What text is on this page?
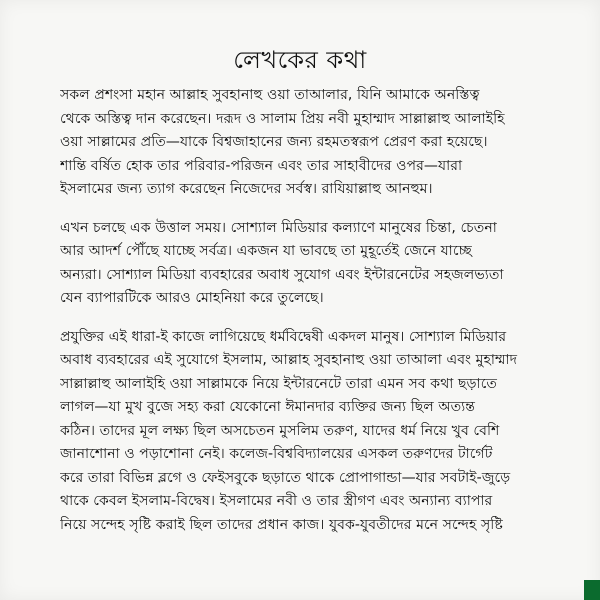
লেখকের কথা
সকল প্রশংসা মহান আল্লাহ সুবহানাহু ওয়া তাআলার, যিনি আমাকে অনস্তিত্ব
থেকে অস্তিত্ব দান করেছেন। দরূদ ও সালাম প্রিয় নবী মুহাম্মাদ সাল্লাল্লাহু আলাইহি
ওয়া সাল্লামের প্রতি—যাকে বিশ্বজাহানের জন্য রহমতস্বরূপ প্রেরণ করা হয়েছে।
শান্তি বর্ষিত হোক তার পরিবার-পরিজন এবং তার সাহাবীদের ওপর—যারা
ইসলামের জন্য ত্যাগ করেছেন নিজেদের সর্বস্ব। রাযিয়াল্লাহু আনহুম।
এখন চলছে এক উত্তাল সময়। সোশ্যাল মিডিয়ার কল্যাণে মানুষের চিন্তা, চেতনা
আর আদর্শ পৌঁছে যাচ্ছে সর্বত্র। একজন যা ভাবছে তা মুহূর্তেই জেনে যাচ্ছে
অন্যরা। সোশ্যাল মিডিয়া ব্যবহারের অবাধ সুযোগ এবং ইন্টারনেটের সহজলভ্যতা
যেন ব্যাপারটিকে আরও মোহনিয়া করে তুলেছে।
প্রযুক্তির এই ধারা-ই কাজে লাগিয়েছে ধর্মবিদ্বেষী একদল মানুষ। সোশ্যাল মিডিয়ার
অবাধ ব্যবহারের এই সুযোগে ইসলাম, আল্লাহ সুবহানাহু ওয়া তাআলা এবং মুহাম্মাদ
সাল্লাল্লাহু আলাইহি ওয়া সাল্লামকে নিয়ে ইন্টারনেটে তারা এমন সব কথা ছড়াতে
লাগল—যা মুখ বুজে সহ্য করা যেকোনো ঈমানদার ব্যক্তির জন্য ছিল অত্যন্ত
কঠিন। তাদের মূল লক্ষ্য ছিল অসচেতন মুসলিম তরুণ, যাদের ধর্ম নিয়ে খুব বেশি
জানাশোনা ও পড়াশোনা নেই। কলেজ-বিশ্ববিদ্যালয়ের এসকল তরুণদের টার্গেট
করে তারা বিভিন্ন ব্লগে ও ফেইসবুকে ছড়াতে থাকে প্রোপাগান্ডা—যার সবটাই-জুড়ে
থাকে কেবল ইসলাম-বিদ্বেষ। ইসলামের নবী ও তার স্ত্রীগণ এবং অন্যান্য ব্যাপার
নিয়ে সন্দেহ সৃষ্টি করাই ছিল তাদের প্রধান কাজ। যুবক-যুবতীদের মনে সন্দেহ সৃষ্টি
